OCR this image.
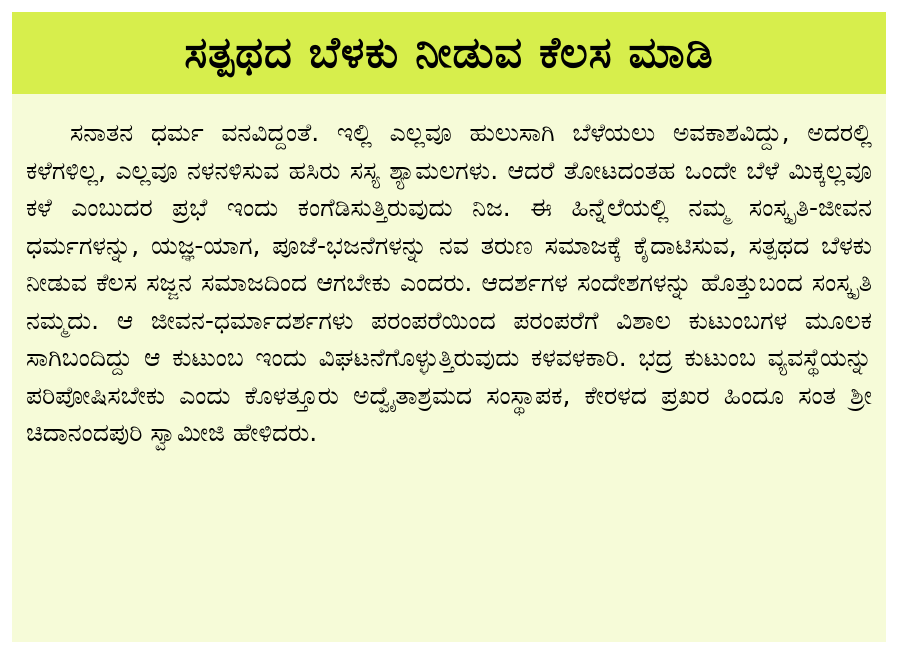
ಸತ್ಪಥದ ಬೆಳಕು ನೀಡುವ ಕೆಲಸ ಮಾಡಿ

ಸನಾತನ ಧರ್ಮ ವನವಿದ್ದಂತೆ. ಇಲ್ಲಿ ಎಲ್ಲವೂ ಹುಲುಸಾಗಿ ಬೆಳೆಯಲು ಅವಕಾಶವಿದ್ದು, ಅದರಲ್ಲಿ ಕಳೆಗಳಿಲ್ಲ, ಎಲ್ಲವೂ ನಳನಳಿಸುವ ಹಸಿರು ಸಸ್ಯ ಶ್ಯಾಮಲಗಳು. ಆದರೆ ತೋಟದಂತಹ ಒಂದೇ ಬೆಳೆ ಮಿಕ್ಕಲ್ಲವೂ ಕಳೆ ಎಂಬುದರ ಪ್ರಭೆ ಇಂದು ಕಂಗೆಡಿಸುತ್ತಿರುವುದು ನಿಜ. ಈ ಹಿನ್ನೆಲೆಯಲ್ಲಿ ನಮ್ಮ ಸಂಸ್ಕೃತಿ-ಜೀವನ ಧರ್ಮಗಳನ್ನು, ಯಜ್ಞ-ಯಾಗ, ಪೂಜೆ-ಭಜನೆಗಳನ್ನು ನವ ತರುಣ ಸಮಾಜಕ್ಕೆ ಕೈದಾಟಿಸುವ, ಸತ್ಪಥದ ಬೆಳಕು ನೀಡುವ ಕೆಲಸ ಸಜ್ಜನ ಸಮಾಜದಿಂದ ಆಗಬೇಕು ಎಂದರು. ಆದರ್ಶಗಳ ಸಂದೇಶಗಳನ್ನು ಹೊತ್ತುಬಂದ ಸಂಸ್ಕೃತಿ ನಮ್ಮದು. ಆ ಜೀವನ-ಧರ್ಮಾದರ್ಶಗಳು ಪರಂಪರೆಯಿಂದ ಪರಂಪರೆಗೆ ವಿಶಾಲ ಕುಟುಂಬಗಳ ಮೂಲಕ ಸಾಗಿಬಂದಿದ್ದು ಆ ಕುಟುಂಬ ಇಂದು ವಿಘಟನೆಗೊಳ್ಳುತ್ತಿರುವುದು ಕಳವಳಕಾರಿ. ಭದ್ರ ಕುಟುಂಬ ವ್ಯವಸ್ಥೆಯನ್ನು ಪರಿಪೋಷಿಸಬೇಕು ಎಂದು ಕೊಳತ್ತೂರು ಅದ್ವೈತಾಶ್ರಮದ ಸಂಸ್ಥಾಪಕ, ಕೇರಳದ ಪ್ರಖರ ಹಿಂದೂ ಸಂತ ಶ್ರೀ ಚಿದಾನಂದಪುರಿ ಸ್ವಾಮೀಜಿ ಹೇಳಿದರು.
